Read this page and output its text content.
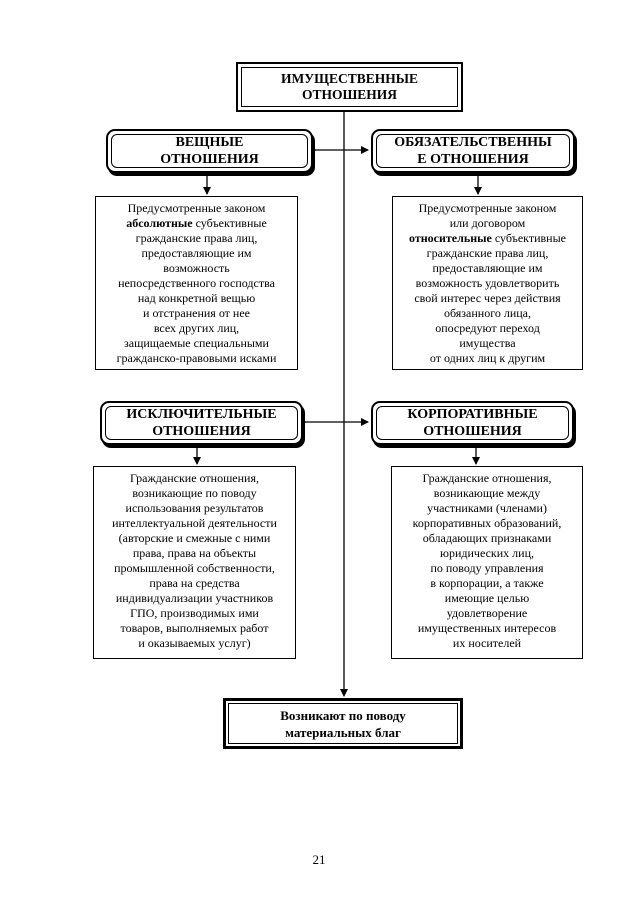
ИМУЩЕСТВЕННЫЕ
ОТНОШЕНИЯ
ВЕЩНЫЕ
ОТНОШЕНИЯ
ОБЯЗАТЕЛЬСТВЕННЫ
Е ОТНОШЕНИЯ
Предусмотренные законом
абсолютные субъективные
гражданские права лиц,
предоставляющие им
возможность
непосредственного господства
над конкретной вещью
и отстранения от нее
всех других лиц,
защищаемые специальными
гражданско-правовыми исками
Предусмотренные законом
или договором
относительные субъективные
гражданские права лиц,
предоставляющие им
возможность удовлетворить
свой интерес через действия
обязанного лица,
опосредуют переход
имущества
от одних лиц к другим
ИСКЛЮЧИТЕЛЬНЫЕ
ОТНОШЕНИЯ
КОРПОРАТИВНЫЕ
ОТНОШЕНИЯ
Гражданские отношения,
возникающие по поводу
использования результатов
интеллектуальной деятельности
(авторские и смежные с ними
права, права на объекты
промышленной собственности,
права на средства
индивидуализации участников
ГПО, производимых ими
товаров, выполняемых работ
и оказываемых услуг)
Гражданские отношения,
возникающие между
участниками (членами)
корпоративных образований,
обладающих признаками
юридических лиц,
по поводу управления
в корпорации, а также
имеющие целью
удовлетворение
имущественных интересов
их носителей
Возникают по поводу
материальных благ
21
